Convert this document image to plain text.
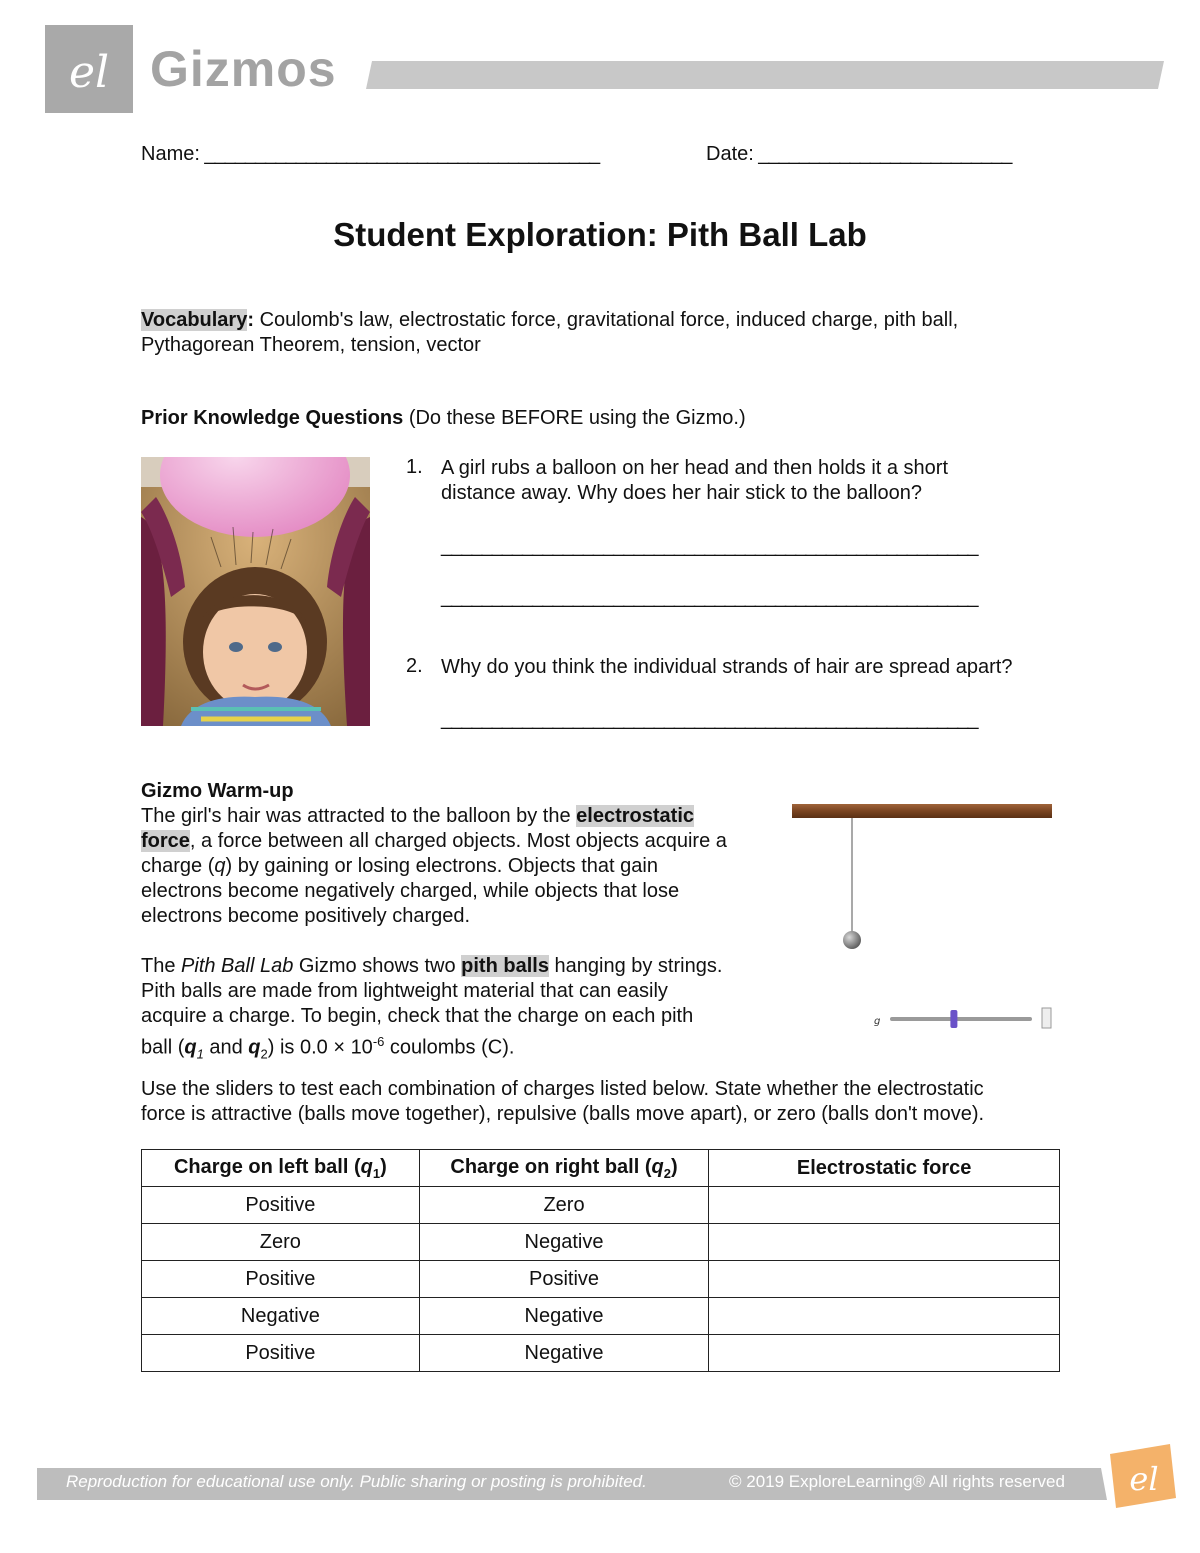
el Gizmos
Name: _______________________________________	Date: _________________________
Student Exploration: Pith Ball Lab
Vocabulary: Coulomb's law, electrostatic force, gravitational force, induced charge, pith ball,
Pythagorean Theorem, tension, vector
Prior Knowledge Questions (Do these BEFORE using the Gizmo.)
1. A girl rubs a balloon on her head and then holds it a short
distance away. Why does her hair stick to the balloon?
_____________________________________________________
_____________________________________________________
2. Why do you think the individual strands of hair are spread apart?
_____________________________________________________
Gizmo Warm-up
The girl's hair was attracted to the balloon by the electrostatic
force, a force between all charged objects. Most objects acquire a
charge (q) by gaining or losing electrons. Objects that gain
electrons become negatively charged, while objects that lose
electrons become positively charged.
The Pith Ball Lab Gizmo shows two pith balls hanging by strings.
Pith balls are made from lightweight material that can easily
acquire a charge. To begin, check that the charge on each pith
ball ($q_1$ and $q_2$) is $0.0 \times 10^{-6}$ coulombs (C).
g
Use the sliders to test each combination of charges listed below. State whether the electrostatic
force is attractive (balls move together), repulsive (balls move apart), or zero (balls don't move).
Charge on left ball $(q_1)$	Charge on right ball $(q_2)$	Electrostatic force
Positive	Zero	
Zero	Negative	
Positive	Positive	
Negative	Negative	
Positive	Negative	
Reproduction for educational use only. Public sharing or posting is prohibited.	© 2019 ExploreLearning® All rights reserved el
